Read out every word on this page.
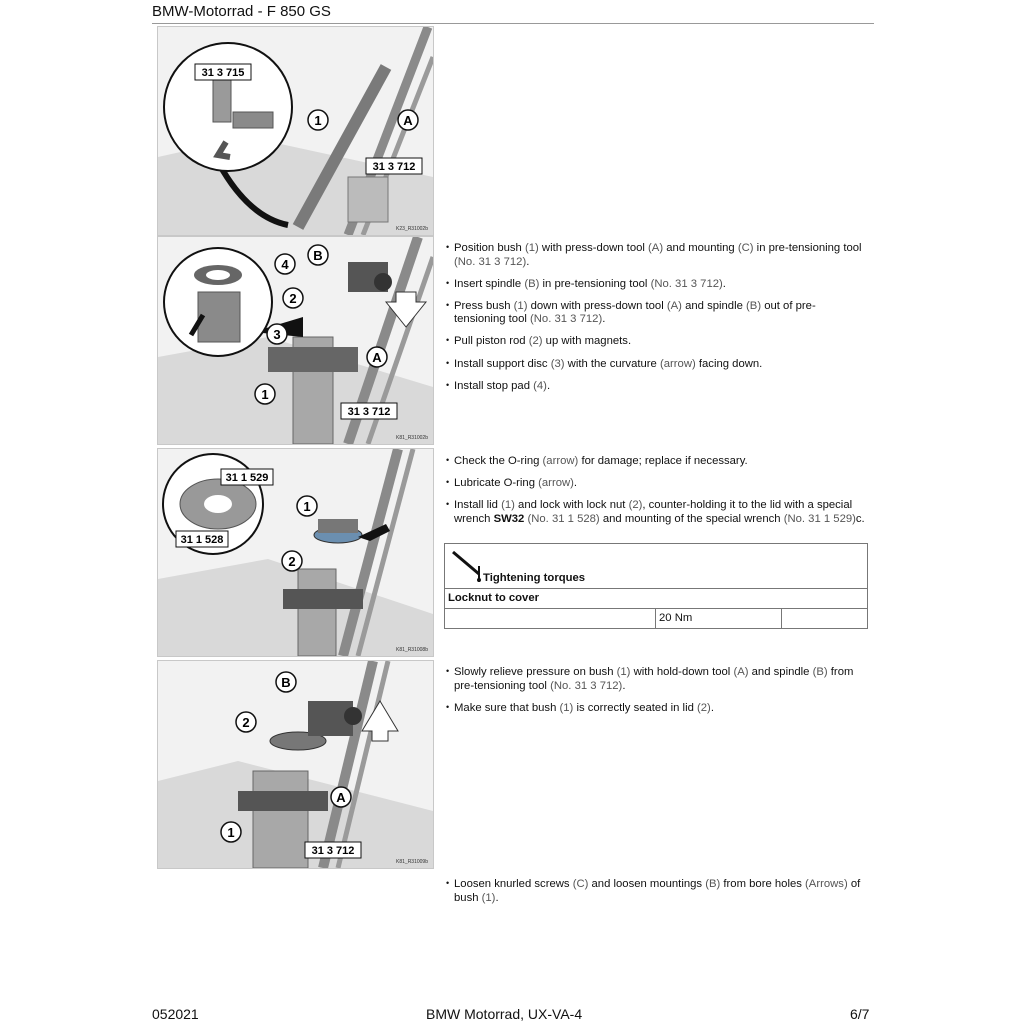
BMW-Motorrad - F 850 GS
31 3 715
1	A
31 3 712
K23_R31002b
B
4
2
3
A
1
31 3 712
K81_R31002b
31 1 529
31 1 528
1
2
K81_R31008b
B
2
A
1
31 3 712
K81_R31009b
• Position bush (1) with press-down tool (A) and mounting (C) in pre-tensioning tool (No. 31 3 712).
• Insert spindle (B) in pre-tensioning tool (No. 31 3 712).
• Press bush (1) down with press-down tool (A) and spindle (B) out of pre-tensioning tool (No. 31 3 712).
• Pull piston rod (2) up with magnets.
• Install support disc (3) with the curvature (arrow) facing down.
• Install stop pad (4).
• Check the O-ring (arrow) for damage; replace if necessary.
• Lubricate O-ring (arrow).
• Install lid (1) and lock with lock nut (2), counter-holding it to the lid with a special wrench SW32 (No. 31 1 528) and mounting of the special wrench (No. 31 1 529)c.
Tightening torques
Locknut to cover
20 Nm
• Slowly relieve pressure on bush (1) with hold-down tool (A) and spindle (B) from pre-tensioning tool (No. 31 3 712).
• Make sure that bush (1) is correctly seated in lid (2).
• Loosen knurled screws (C) and loosen mountings (B) from bore holes (Arrows) of bush (1).
052021	BMW Motorrad, UX-VA-4	6/7
